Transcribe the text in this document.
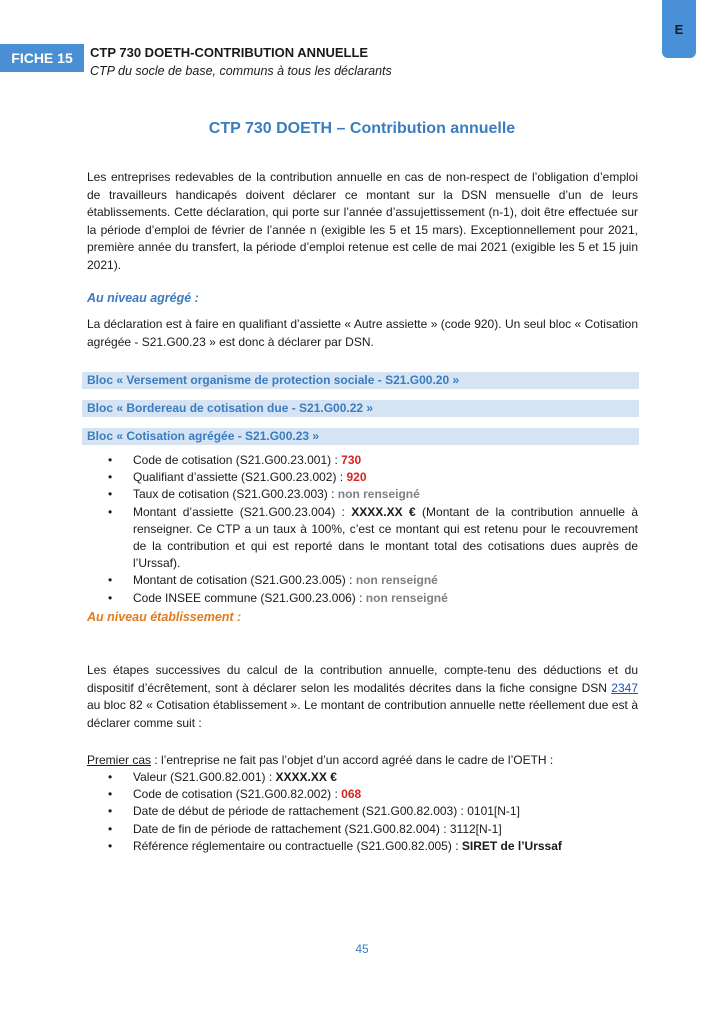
E
FICHE 15	CTP 730 DOETH-CONTRIBUTION ANNUELLE
CTP du socle de base, communs à tous les déclarants
CTP 730 DOETH – Contribution annuelle
Les entreprises redevables de la contribution annuelle en cas de non-respect de l’obligation d’emploi de travailleurs handicapés doivent déclarer ce montant sur la DSN mensuelle d’un de leurs établissements. Cette déclaration, qui porte sur l’année d’assujettissement (n-1), doit être effectuée sur la période d’emploi de février de l’année n (exigible les 5 et 15 mars). Exceptionnellement pour 2021, première année du transfert, la période d’emploi retenue est celle de mai 2021 (exigible les 5 et 15 juin 2021).
Au niveau agrégé :
La déclaration est à faire en qualifiant d’assiette « Autre assiette » (code 920). Un seul bloc « Cotisation agrégée - S21.G00.23 » est donc à déclarer par DSN.
Bloc « Versement organisme de protection sociale - S21.G00.20 »
Bloc « Bordereau de cotisation due - S21.G00.22 »
Bloc « Cotisation agrégée - S21.G00.23 »
• Code de cotisation (S21.G00.23.001) : 730
• Qualifiant d’assiette (S21.G00.23.002) : 920
• Taux de cotisation (S21.G00.23.003) : non renseigné
• Montant d’assiette (S21.G00.23.004) : XXXX.XX € (Montant de la contribution annuelle à renseigner. Ce CTP a un taux à 100%, c’est ce montant qui est retenu pour le recouvrement de la contribution et qui est reporté dans le montant total des cotisations dues auprès de l’Urssaf).
• Montant de cotisation (S21.G00.23.005) : non renseigné
• Code INSEE commune (S21.G00.23.006) : non renseigné
Au niveau établissement :
Les étapes successives du calcul de la contribution annuelle, compte-tenu des déductions et du dispositif d’écrêtement, sont à déclarer selon les modalités décrites dans la fiche consigne DSN 2347 au bloc 82 « Cotisation établissement ». Le montant de contribution annuelle nette réellement due est à déclarer comme suit :
Premier cas : l’entreprise ne fait pas l’objet d’un accord agréé dans le cadre de l’OETH :
• Valeur (S21.G00.82.001) : XXXX.XX €
• Code de cotisation (S21.G00.82.002) : 068
• Date de début de période de rattachement (S21.G00.82.003) : 0101[N-1]
• Date de fin de période de rattachement (S21.G00.82.004) : 3112[N-1]
• Référence réglementaire ou contractuelle (S21.G00.82.005) : SIRET de l’Urssaf
45
